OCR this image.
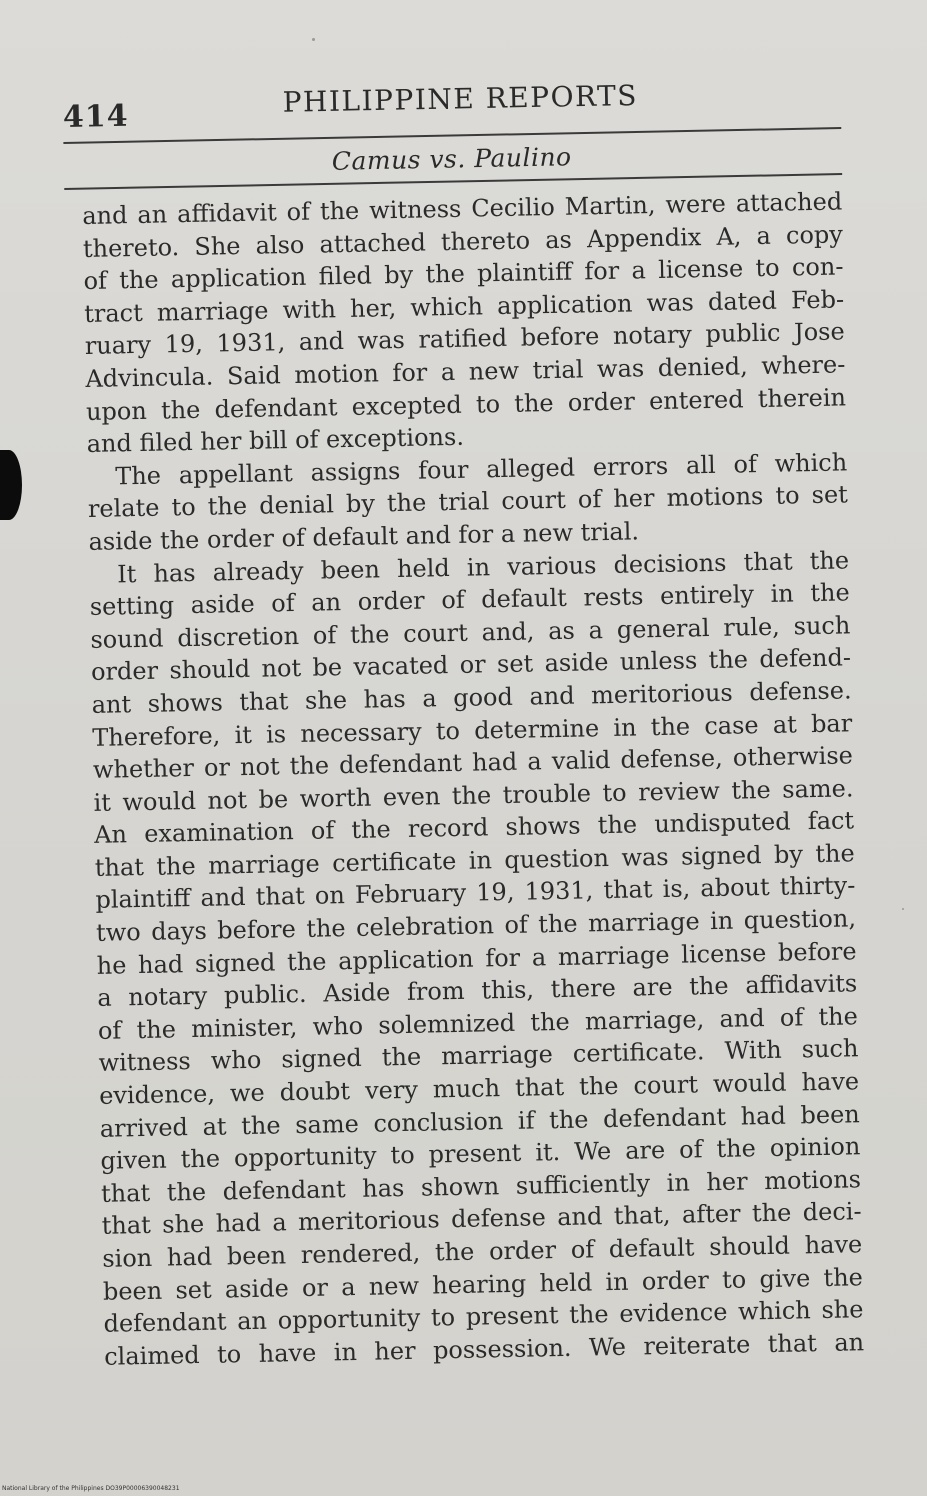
414	PHILIPPINE REPORTS
Camus vs. Paulino
and an affidavit of the witness Cecilio Martin, were attached
thereto. She also attached thereto as Appendix A, a copy
of the application filed by the plaintiff for a license to con-
tract marriage with her, which application was dated Feb-
ruary 19, 1931, and was ratified before notary public Jose
Advincula. Said motion for a new trial was denied, where-
upon the defendant excepted to the order entered therein
and filed her bill of exceptions.
The appellant assigns four alleged errors all of which
relate to the denial by the trial court of her motions to set
aside the order of default and for a new trial.
It has already been held in various decisions that the
setting aside of an order of default rests entirely in the
sound discretion of the court and, as a general rule, such
order should not be vacated or set aside unless the defend-
ant shows that she has a good and meritorious defense.
Therefore, it is necessary to determine in the case at bar
whether or not the defendant had a valid defense, otherwise
it would not be worth even the trouble to review the same.
An examination of the record shows the undisputed fact
that the marriage certificate in question was signed by the
plaintiff and that on February 19, 1931, that is, about thirty-
two days before the celebration of the marriage in question,
he had signed the application for a marriage license before
a notary public. Aside from this, there are the affidavits
of the minister, who solemnized the marriage, and of the
witness who signed the marriage certificate. With such
evidence, we doubt very much that the court would have
arrived at the same conclusion if the defendant had been
given the opportunity to present it. We are of the opinion
that the defendant has shown sufficiently in her motions
that she had a meritorious defense and that, after the deci-
sion had been rendered, the order of default should have
been set aside or a new hearing held in order to give the
defendant an opportunity to present the evidence which she
claimed to have in her possession. We reiterate that an
National Library of the Philippines DO39P00006390048231
